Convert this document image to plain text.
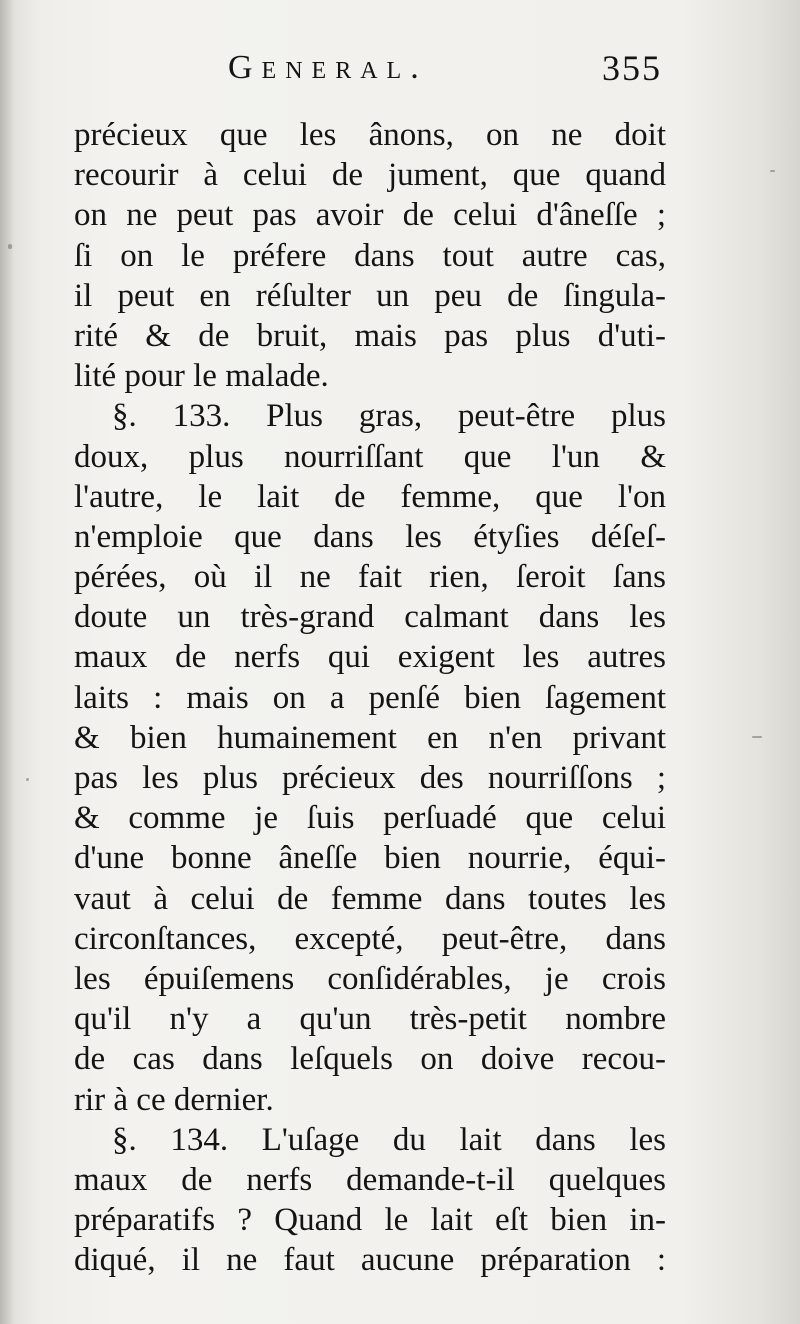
General.	355
précieux que les ânons, on ne doit
recourir à celui de jument, que quand
on ne peut pas avoir de celui d'âneſſe ;
ſi on le préfere dans tout autre cas,
il peut en réſulter un peu de ſingula-
rité & de bruit, mais pas plus d'uti-
lité pour le malade.
§. 133. Plus gras, peut-être plus
doux, plus nourriſſant que l'un &
l'autre, le lait de femme, que l'on
n'emploie que dans les étyſies déſeſ-
pérées, où il ne fait rien, ſeroit ſans
doute un très-grand calmant dans les
maux de nerfs qui exigent les autres
laits : mais on a penſé bien ſagement
& bien humainement en n'en privant
pas les plus précieux des nourriſſons ;
& comme je ſuis perſuadé que celui
d'une bonne âneſſe bien nourrie, équi-
vaut à celui de femme dans toutes les
circonſtances, excepté, peut-être, dans
les épuiſemens conſidérables, je crois
qu'il n'y a qu'un très-petit nombre
de cas dans leſquels on doive recou-
rir à ce dernier.
§. 134. L'uſage du lait dans les
maux de nerfs demande-t-il quelques
préparatifs ? Quand le lait eſt bien in-
diqué, il ne faut aucune préparation :
